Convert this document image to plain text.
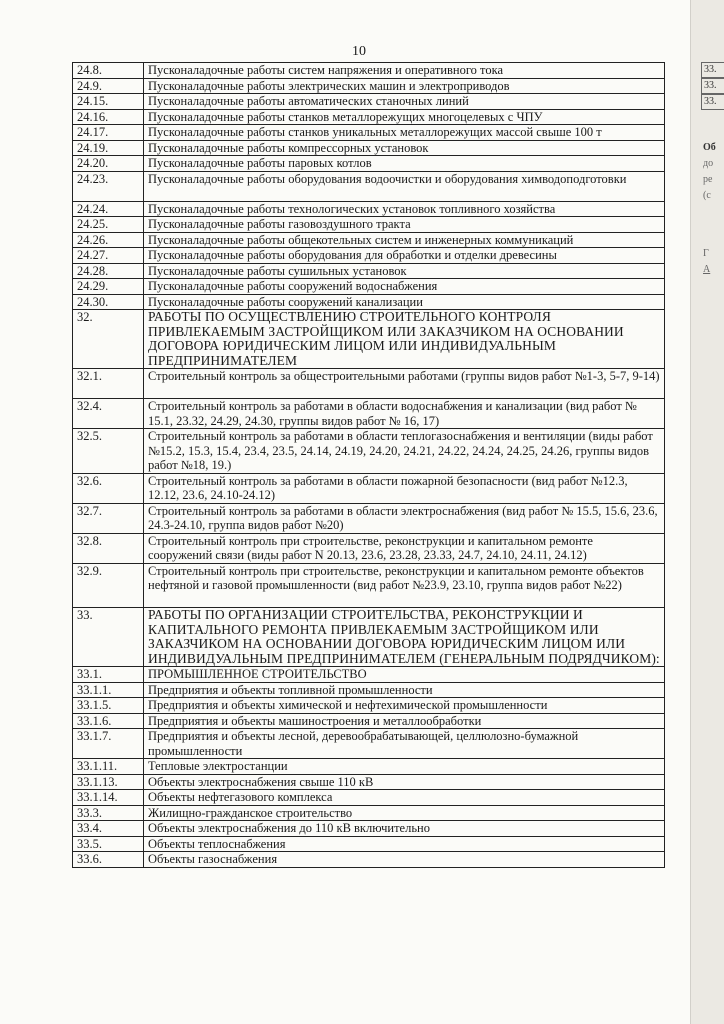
10
24.8.	Пусконаладочные работы систем напряжения и оперативного тока
24.9.	Пусконаладочные работы электрических машин и электроприводов
24.15.	Пусконаладочные работы автоматических станочных линий
24.16.	Пусконаладочные работы станков металлорежущих многоцелевых с ЧПУ
24.17.	Пусконаладочные работы станков уникальных металлорежущих массой свыше 100 т
24.19.	Пусконаладочные работы компрессорных установок
24.20.	Пусконаладочные работы паровых котлов
24.23.	Пусконаладочные работы оборудования водоочистки и оборудования химводоподготовки
24.24.	Пусконаладочные работы технологических установок топливного хозяйства
24.25.	Пусконаладочные работы газовоздушного тракта
24.26.	Пусконаладочные работы общекотельных систем и инженерных коммуникаций
24.27.	Пусконаладочные работы оборудования для обработки и отделки древесины
24.28.	Пусконаладочные работы сушильных установок
24.29.	Пусконаладочные работы сооружений водоснабжения
24.30.	Пусконаладочные работы сооружений канализации
32.	РАБОТЫ ПО ОСУЩЕСТВЛЕНИЮ СТРОИТЕЛЬНОГО КОНТРОЛЯ ПРИВЛЕКАЕМЫМ ЗАСТРОЙЩИКОМ ИЛИ ЗАКАЗЧИКОМ НА ОСНОВАНИИ ДОГОВОРА ЮРИДИЧЕСКИМ ЛИЦОМ ИЛИ ИНДИВИДУАЛЬНЫМ ПРЕДПРИНИМАТЕЛЕМ
32.1.	Строительный контроль за общестроительными работами (группы видов работ №1-3, 5-7, 9-14)
32.4.	Строительный контроль за работами в области водоснабжения и канализации (вид работ № 15.1, 23.32, 24.29, 24.30, группы видов работ № 16, 17)
32.5.	Строительный контроль за работами в области теплогазоснабжения и вентиляции (виды работ №15.2, 15.3, 15.4, 23.4, 23.5, 24.14, 24.19, 24.20, 24.21, 24.22, 24.24, 24.25, 24.26, группы видов работ №18, 19.)
32.6.	Строительный контроль за работами в области пожарной безопасности (вид работ №12.3, 12.12, 23.6, 24.10-24.12)
32.7.	Строительный контроль за работами в области электроснабжения (вид работ № 15.5, 15.6, 23.6, 24.3-24.10, группа видов работ №20)
32.8.	Строительный контроль при строительстве, реконструкции и капитальном ремонте сооружений связи (виды работ N 20.13, 23.6, 23.28, 23.33, 24.7, 24.10, 24.11, 24.12)
32.9.	Строительный контроль при строительстве, реконструкции и капитальном ремонте объектов нефтяной и газовой промышленности (вид работ №23.9, 23.10, группа видов работ №22)
33.	РАБОТЫ ПО ОРГАНИЗАЦИИ СТРОИТЕЛЬСТВА, РЕКОНСТРУКЦИИ И КАПИТАЛЬНОГО РЕМОНТА ПРИВЛЕКАЕМЫМ ЗАСТРОЙЩИКОМ ИЛИ ЗАКАЗЧИКОМ НА ОСНОВАНИИ ДОГОВОРА ЮРИДИЧЕСКИМ ЛИЦОМ ИЛИ ИНДИВИДУАЛЬНЫМ ПРЕДПРИНИМАТЕЛЕМ (ГЕНЕРАЛЬНЫМ ПОДРЯДЧИКОМ):
33.1.	ПРОМЫШЛЕННОЕ СТРОИТЕЛЬСТВО
33.1.1.	Предприятия и объекты топливной промышленности
33.1.5.	Предприятия и объекты химической и нефтехимической промышленности
33.1.6.	Предприятия и объекты машиностроения и металлообработки
33.1.7.	Предприятия и объекты лесной, деревообрабатывающей, целлюлозно-бумажной промышленности
33.1.11.	Тепловые электростанции
33.1.13.	Объекты электроснабжения свыше 110 кВ
33.1.14.	Объекты нефтегазового комплекса
33.3.	Жилищно-гражданское строительство
33.4.	Объекты электроснабжения до 110 кВ включительно
33.5.	Объекты теплоснабжения
33.6.	Объекты газоснабжения
33.
33.
33.
Об
до
ре
(с
Г
А
